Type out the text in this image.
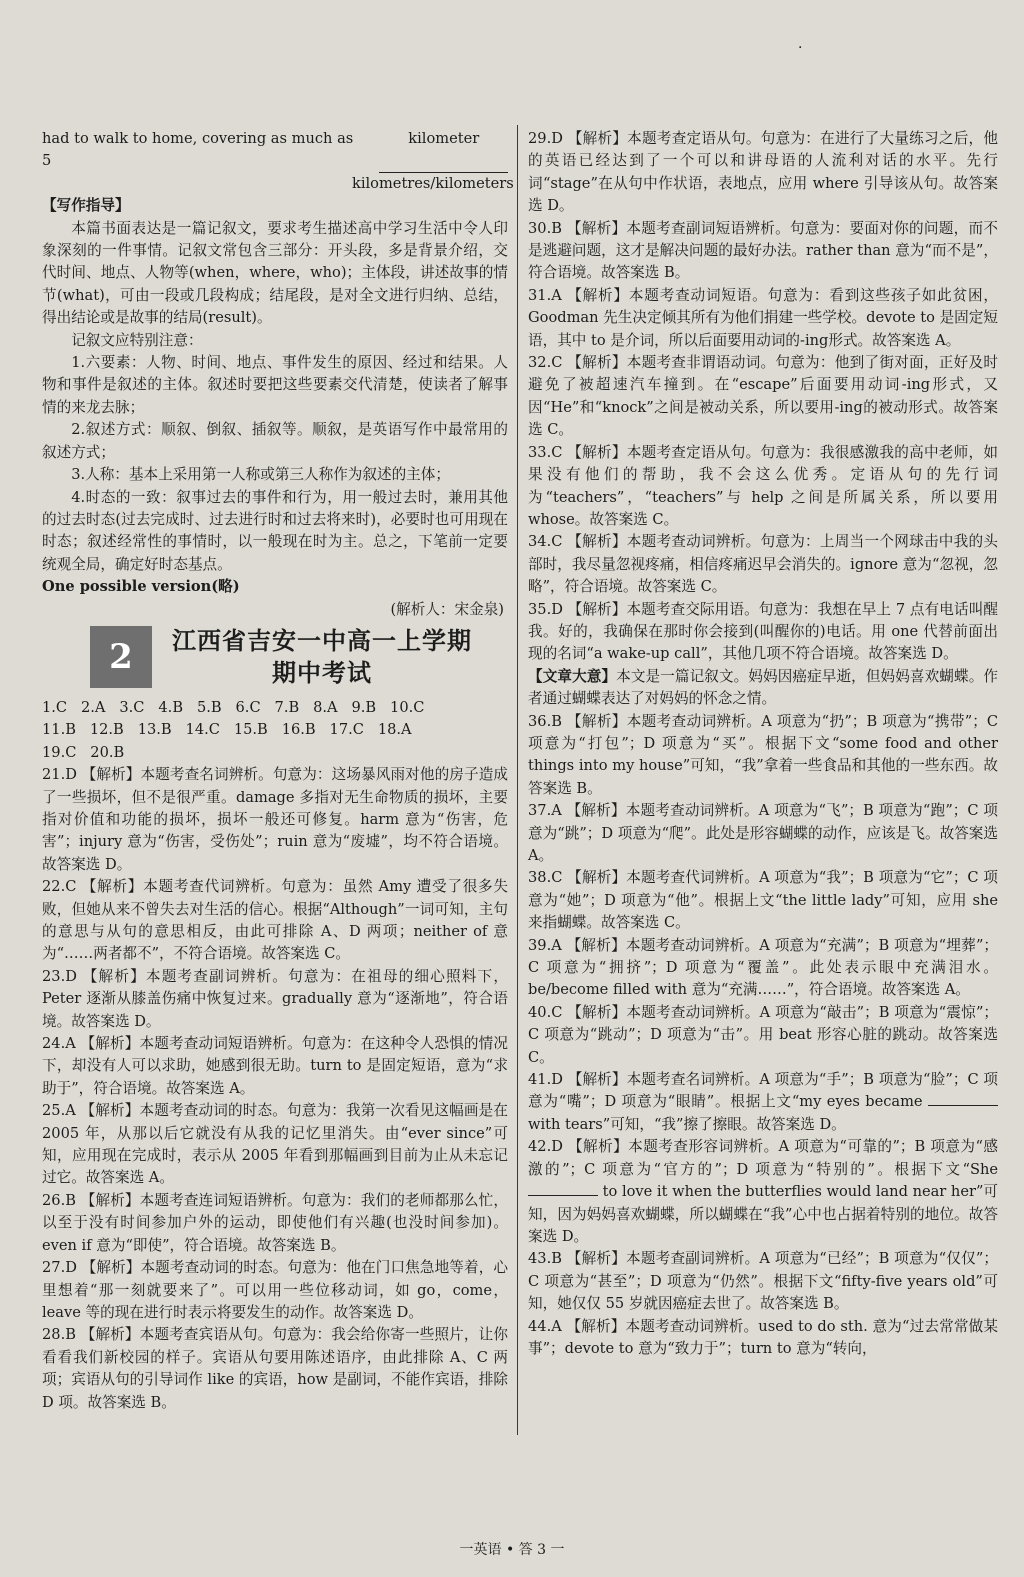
·
had to walk to home, covering as much as 5
kilometer
kilometres/kilometers

【写作指导】

本篇书面表达是一篇记叙文，要求考生描述高中学习生活中令人印象深刻的一件事情。记叙文常包含三部分：开头段，多是背景介绍，交代时间、地点、人物等(when，where，who)；主体段，讲述故事的情节(what)，可由一段或几段构成；结尾段，是对全文进行归纳、总结，得出结论或是故事的结局(result)。

记叙文应特别注意：

1.六要素：人物、时间、地点、事件发生的原因、经过和结果。人物和事件是叙述的主体。叙述时要把这些要素交代清楚，使读者了解事情的来龙去脉；

2.叙述方式：顺叙、倒叙、插叙等。顺叙，是英语写作中最常用的叙述方式；

3.人称：基本上采用第一人称或第三人称作为叙述的主体；

4.时态的一致：叙事过去的事件和行为，用一般过去时，兼用其他的过去时态(过去完成时、过去进行时和过去将来时)，必要时也可用现在时态；叙述经常性的事情时，以一般现在时为主。总之，下笔前一定要统观全局，确定好时态基点。

One possible version(略)

(解析人：宋金泉)

2	江西省吉安一中高一上学期
期中考试
1.C   2.A   3.C   4.B   5.B   6.C   7.B   8.A   9.B   10.C
11.B   12.B   13.B   14.C   15.B   16.B   17.C   18.A
19.C   20.B

21.D 【解析】本题考查名词辨析。句意为：这场暴风雨对他的房子造成了一些损坏，但不是很严重。damage 多指对无生命物质的损坏，主要指对价值和功能的损坏，损坏一般还可修复。harm 意为“伤害，危害”；injury 意为“伤害，受伤处”；ruin 意为“废墟”，均不符合语境。故答案选 D。

22.C 【解析】本题考查代词辨析。句意为：虽然 Amy 遭受了很多失败，但她从来不曾失去对生活的信心。根据“Although”一词可知，主句的意思与从句的意思相反，由此可排除 A、D 两项；neither of 意为“……两者都不”，不符合语境。故答案选 C。

23.D 【解析】本题考查副词辨析。句意为：在祖母的细心照料下，Peter 逐渐从膝盖伤痛中恢复过来。gradually 意为“逐渐地”，符合语境。故答案选 D。

24.A 【解析】本题考查动词短语辨析。句意为：在这种令人恐惧的情况下，却没有人可以求助，她感到很无助。turn to 是固定短语，意为“求助于”，符合语境。故答案选 A。

25.A 【解析】本题考查动词的时态。句意为：我第一次看见这幅画是在 2005 年，从那以后它就没有从我的记忆里消失。由“ever since”可知，应用现在完成时，表示从 2005 年看到那幅画到目前为止从未忘记过它。故答案选 A。

26.B 【解析】本题考查连词短语辨析。句意为：我们的老师都那么忙，以至于没有时间参加户外的运动，即使他们有兴趣(也没时间参加)。even if 意为“即使”，符合语境。故答案选 B。

27.D 【解析】本题考查动词的时态。句意为：他在门口焦急地等着，心里想着“那一刻就要来了”。可以用一些位移动词，如 go，come，leave 等的现在进行时表示将要发生的动作。故答案选 D。

28.B 【解析】本题考查宾语从句。句意为：我会给你寄一些照片，让你看看我们新校园的样子。宾语从句要用陈述语序，由此排除 A、C 两项；宾语从句的引导词作 like 的宾语，how 是副词，不能作宾语，排除 D 项。故答案选 B。

29.D 【解析】本题考查定语从句。句意为：在进行了大量练习之后，他的英语已经达到了一个可以和讲母语的人流利对话的水平。先行词“stage”在从句中作状语，表地点，应用 where 引导该从句。故答案选 D。

30.B 【解析】本题考查副词短语辨析。句意为：要面对你的问题，而不是逃避问题，这才是解决问题的最好办法。rather than 意为“而不是”，符合语境。故答案选 B。

31.A 【解析】本题考查动词短语。句意为：看到这些孩子如此贫困，Goodman 先生决定倾其所有为他们捐建一些学校。devote to 是固定短语，其中 to 是介词，所以后面要用动词的-ing形式。故答案选 A。

32.C 【解析】本题考查非谓语动词。句意为：他到了街对面，正好及时避免了被超速汽车撞到。在“escape”后面要用动词-ing形式，又因“He”和“knock”之间是被动关系，所以要用-ing的被动形式。故答案选 C。

33.C 【解析】本题考查定语从句。句意为：我很感激我的高中老师，如果没有他们的帮助，我不会这么优秀。定语从句的先行词为“teachers”，“teachers”与 help 之间是所属关系，所以要用 whose。故答案选 C。

34.C 【解析】本题考查动词辨析。句意为：上周当一个网球击中我的头部时，我尽量忽视疼痛，相信疼痛迟早会消失的。ignore 意为“忽视，忽略”，符合语境。故答案选 C。

35.D 【解析】本题考查交际用语。句意为：我想在早上 7 点有电话叫醒我。好的，我确保在那时你会接到(叫醒你的)电话。用 one 代替前面出现的名词“a wake-up call”，其他几项不符合语境。故答案选 D。

【文章大意】本文是一篇记叙文。妈妈因癌症早逝，但妈妈喜欢蝴蝶。作者通过蝴蝶表达了对妈妈的怀念之情。

36.B 【解析】本题考查动词辨析。A 项意为“扔”；B 项意为“携带”；C 项意为“打包”；D 项意为“买”。根据下文“some food and other things into my house”可知，“我”拿着一些食品和其他的一些东西。故答案选 B。

37.A 【解析】本题考查动词辨析。A 项意为“飞”；B 项意为“跑”；C 项意为“跳”；D 项意为“爬”。此处是形容蝴蝶的动作，应该是飞。故答案选 A。

38.C 【解析】本题考查代词辨析。A 项意为“我”；B 项意为“它”；C 项意为“她”；D 项意为“他”。根据上文“the little lady”可知，应用 she 来指蝴蝶。故答案选 C。

39.A 【解析】本题考查动词辨析。A 项意为“充满”；B 项意为“埋葬”；C 项意为“拥挤”；D 项意为“覆盖”。此处表示眼中充满泪水。be/become filled with 意为“充满……”，符合语境。故答案选 A。

40.C 【解析】本题考查动词辨析。A 项意为“敲击”；B 项意为“震惊”；C 项意为“跳动”；D 项意为“击”。用 beat 形容心脏的跳动。故答案选 C。

41.D 【解析】本题考查名词辨析。A 项意为“手”；B 项意为“脸”；C 项意为“嘴”；D 项意为“眼睛”。根据上文“my eyes became  with tears”可知，“我”擦了擦眼。故答案选 D。

42.D 【解析】本题考查形容词辨析。A 项意为“可靠的”；B 项意为“感激的”；C 项意为“官方的”；D 项意为“特别的”。根据下文“She  to love it when the butterflies would land near her”可知，因为妈妈喜欢蝴蝶，所以蝴蝶在“我”心中也占据着特别的地位。故答案选 D。

43.B 【解析】本题考查副词辨析。A 项意为“已经”；B 项意为“仅仅”；C 项意为“甚至”；D 项意为“仍然”。根据下文“fifty-five years old”可知，她仅仅 55 岁就因癌症去世了。故答案选 B。

44.A 【解析】本题考查动词辨析。used to do sth. 意为“过去常常做某事”；devote to 意为“致力于”；turn to 意为“转向，

一英语 • 答 3 一
